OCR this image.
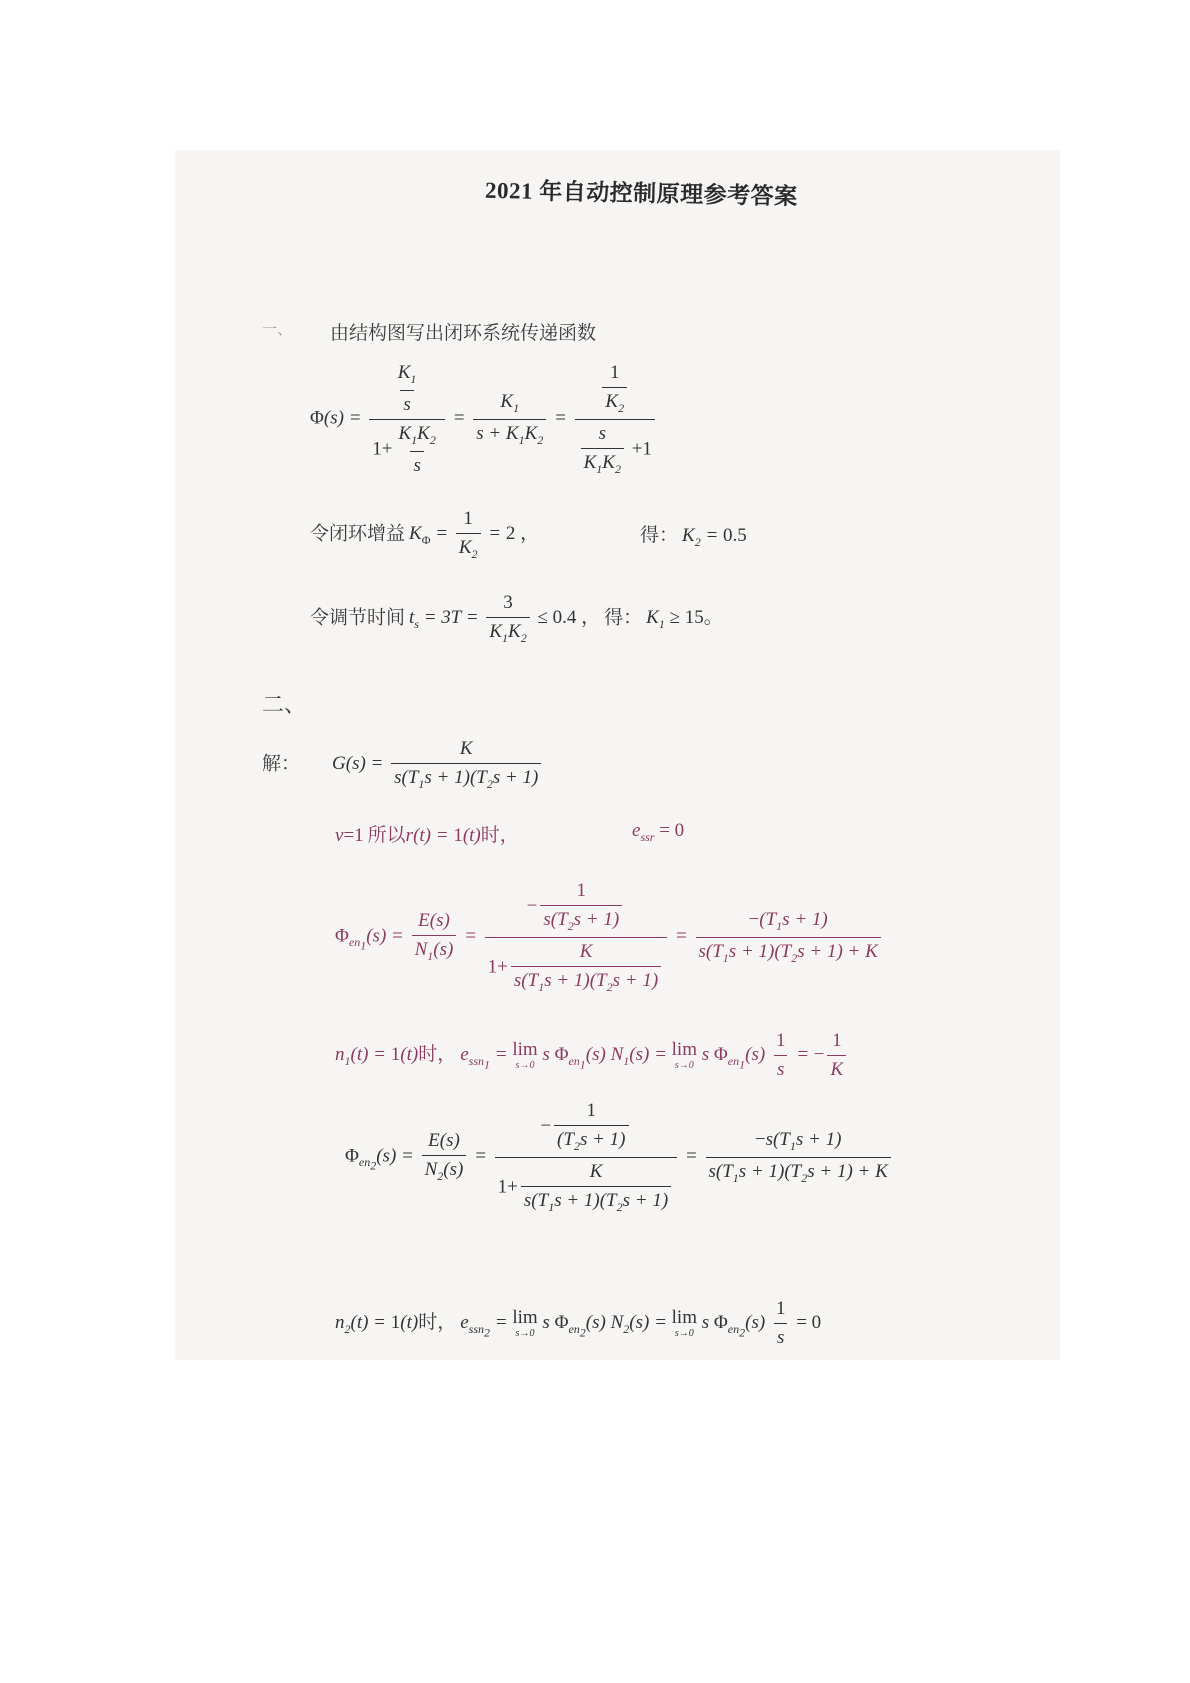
2021 年自动控制原理参考答案
一、 由结构图写出闭环系统传递函数
$\Phi(s) = \frac{\frac{K_1}{s}}{1+ \frac{K_1K_2}{s}} = \frac{K_1}{s + K_1K_2} = \frac{\frac{1}{K_2}}{\frac{s}{K_1K_2} +1}$
令闭环增益 $K_\Phi = \frac{1}{K_2} = 2$ ，	得： $K_2 = 0.5$
令调节时间 $t_s = 3T = \frac{3}{K_1K_2} \le 0.4$ ， 得： $K_1 \ge 15$。
二、
解： $G(s) = \frac{K}{s(T_1s + 1)(T_2s + 1)}$
v=1 所以r(t) = 1(t)时，	$e_{ssr} = 0$
$\Phi_{en_1}(s) = \frac{E(s)}{N_1(s)} = \frac{- \frac{1}{s(T_2s + 1)}}{1+ \frac{K}{s(T_1s + 1)(T_2s + 1)}} = \frac{-(T_1s + 1)}{s(T_1s + 1)(T_2s + 1) + K}$
$n_1(t) = 1(t)$时， $e_{ssn_1} = \lim$
s→0
s $\Phi_{en_1}(s) N_1(s) = \lim$
s→0
s $\Phi_{en_1}(s) \frac{1}{s}$ = − $\frac{1}{K}$
$\Phi_{en_2}(s) = \frac{E(s)}{N_2(s)} = \frac{- \frac{1}{(T_2s + 1)}}{1+ \frac{K}{s(T_1s + 1)(T_2s + 1)}} = \frac{-s(T_1s + 1)}{s(T_1s + 1)(T_2s + 1) + K}$
$n_2(t) = 1(t)$时， $e_{ssn_2} = \lim$
s→0
s $\Phi_{en_2}(s) N_2(s) = \lim$
s→0
s $\Phi_{en_2}(s) \frac{1}{s} = 0$
